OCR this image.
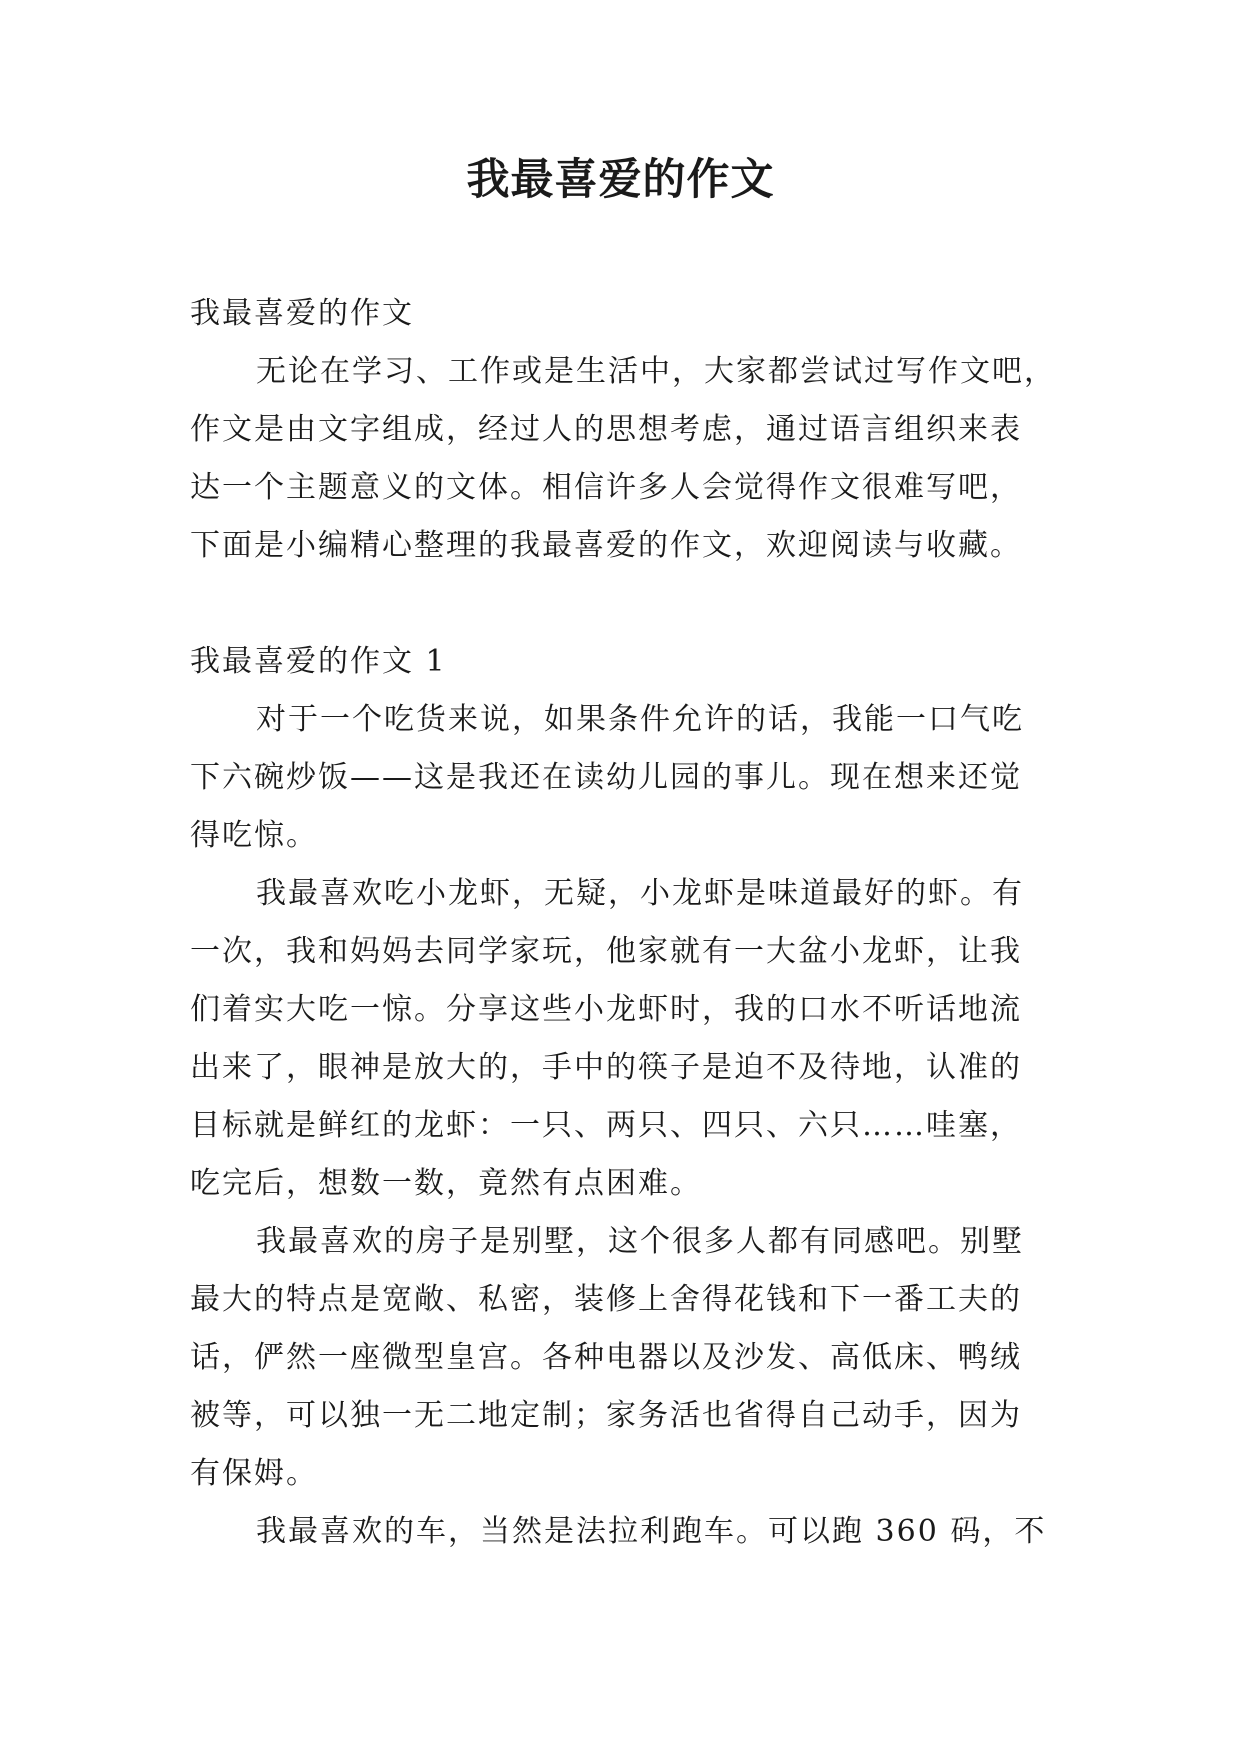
我最喜爱的作文
我最喜爱的作文
无论在学习、工作或是生活中，大家都尝试过写作文吧，
作文是由文字组成，经过人的思想考虑，通过语言组织来表
达一个主题意义的文体。相信许多人会觉得作文很难写吧，
下面是小编精心整理的我最喜爱的作文，欢迎阅读与收藏。
我最喜爱的作文 1
对于一个吃货来说，如果条件允许的话，我能一口气吃
下六碗炒饭——这是我还在读幼儿园的事儿。现在想来还觉
得吃惊。
我最喜欢吃小龙虾，无疑，小龙虾是味道最好的虾。有
一次，我和妈妈去同学家玩，他家就有一大盆小龙虾，让我
们着实大吃一惊。分享这些小龙虾时，我的口水不听话地流
出来了，眼神是放大的，手中的筷子是迫不及待地，认准的
目标就是鲜红的龙虾：一只、两只、四只、六只……哇塞，
吃完后，想数一数，竟然有点困难。
我最喜欢的房子是别墅，这个很多人都有同感吧。别墅
最大的特点是宽敞、私密，装修上舍得花钱和下一番工夫的
话，俨然一座微型皇宫。各种电器以及沙发、高低床、鸭绒
被等，可以独一无二地定制；家务活也省得自己动手，因为
有保姆。
我最喜欢的车，当然是法拉利跑车。可以跑 360 码，不
